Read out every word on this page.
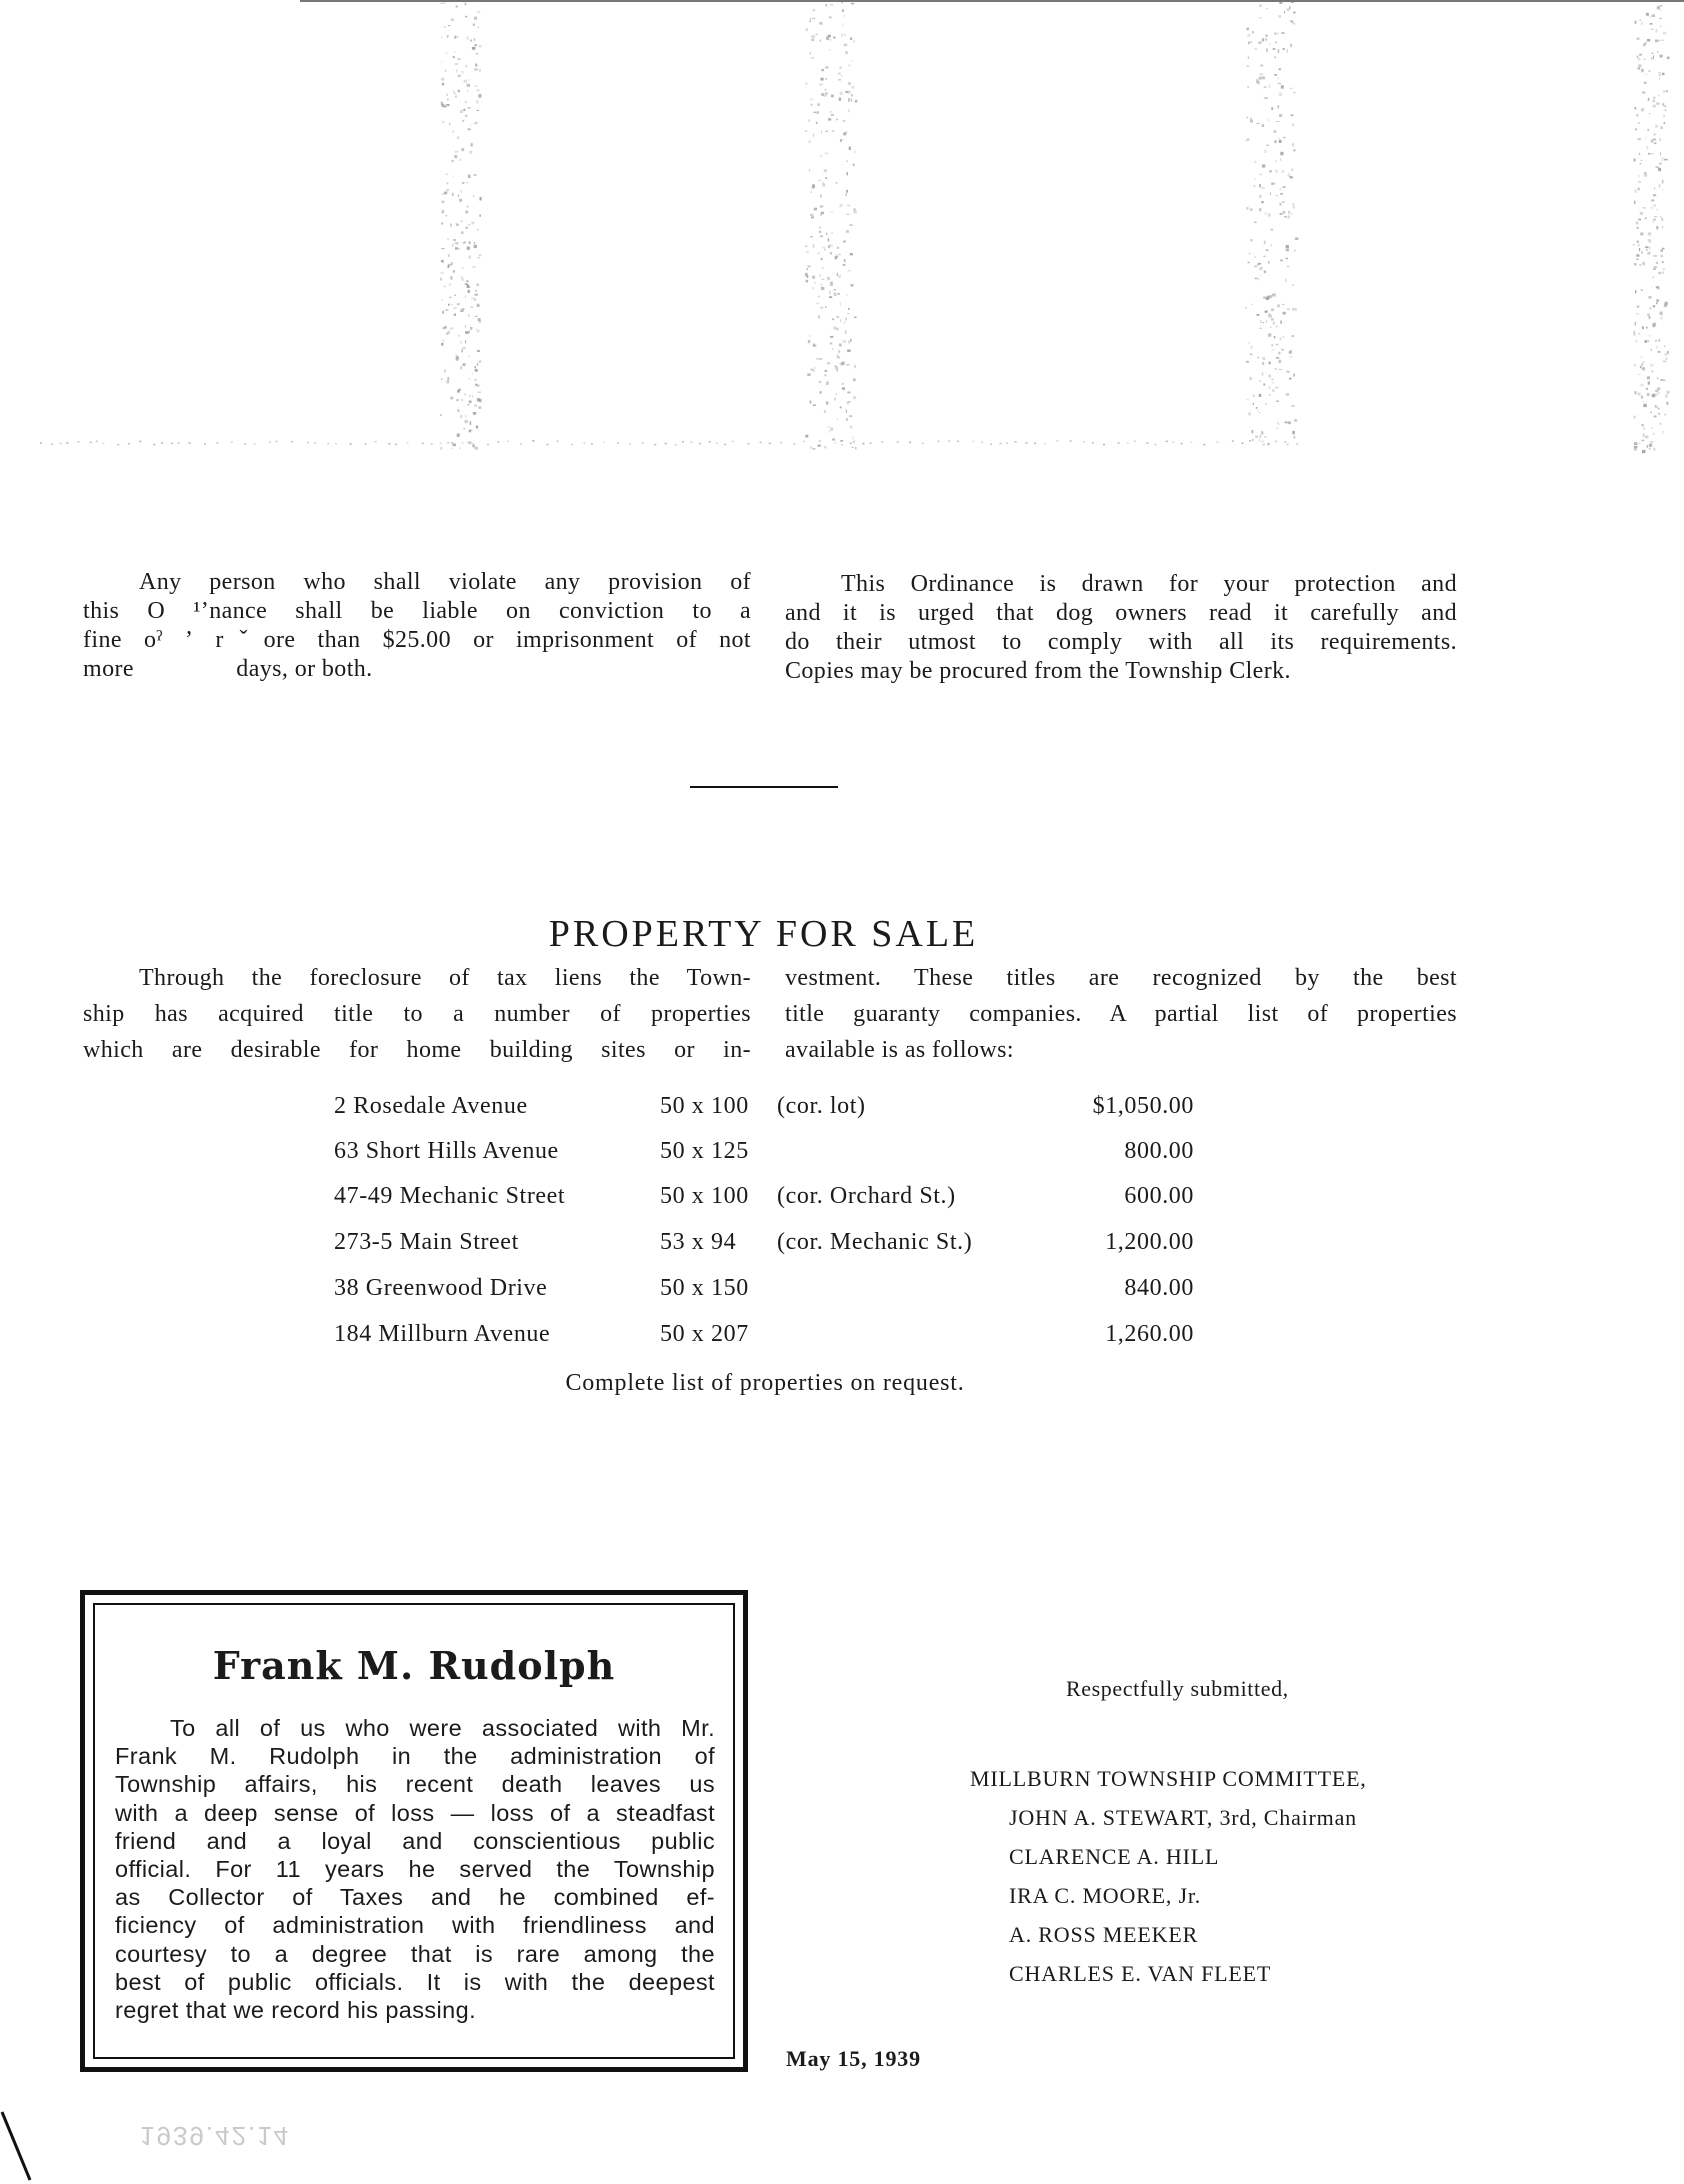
Any person who shall violate any provision of
this O ¹ʼnance shall be liable on conviction to a
fine oˀ ʼ rˇore than $25.00 or imprisonment of not
more                days, or both.
This Ordinance is drawn for your protection and
and it is urged that dog owners read it carefully and
do their utmost to comply with all its requirements.
Copies may be procured from the Township Clerk.
PROPERTY FOR SALE
Through the foreclosure of tax liens the Town-
ship has acquired title to a number of properties
which are desirable for home building sites or in-
vestment. These titles are recognized by the best
title guaranty companies. A partial list of properties
available is as follows:
2 Rosedale Avenue	50 x 100 (cor. lot)	$1,050.00
63 Short Hills Avenue	50 x 125	800.00
47-49 Mechanic Street	50 x 100 (cor. Orchard St.)	600.00
273-5 Main Street	53 x 94 (cor. Mechanic St.)	1,200.00
38 Greenwood Drive	50 x 150	840.00
184 Millburn Avenue	50 x 207	1,260.00
Complete list of properties on request.
Frank M. Rudolph
To all of us who were associated with Mr.
Frank M. Rudolph in the administration of
Township affairs, his recent death leaves us
with a deep sense of loss — loss of a steadfast
friend and a loyal and conscientious public
official. For 11 years he served the Township
as Collector of Taxes and he combined ef-
ficiency of administration with friendliness and
courtesy to a degree that is rare among the
best of public officials. It is with the deepest
regret that we record his passing.
Respectfully submitted,
MILLBURN TOWNSHIP COMMITTEE,
JOHN A. STEWART, 3rd, Chairman
CLARENCE A. HILL
IRA C. MOORE, Jr.
A. ROSS MEEKER
CHARLES E. VAN FLEET
May 15, 1939
1939.42.14
